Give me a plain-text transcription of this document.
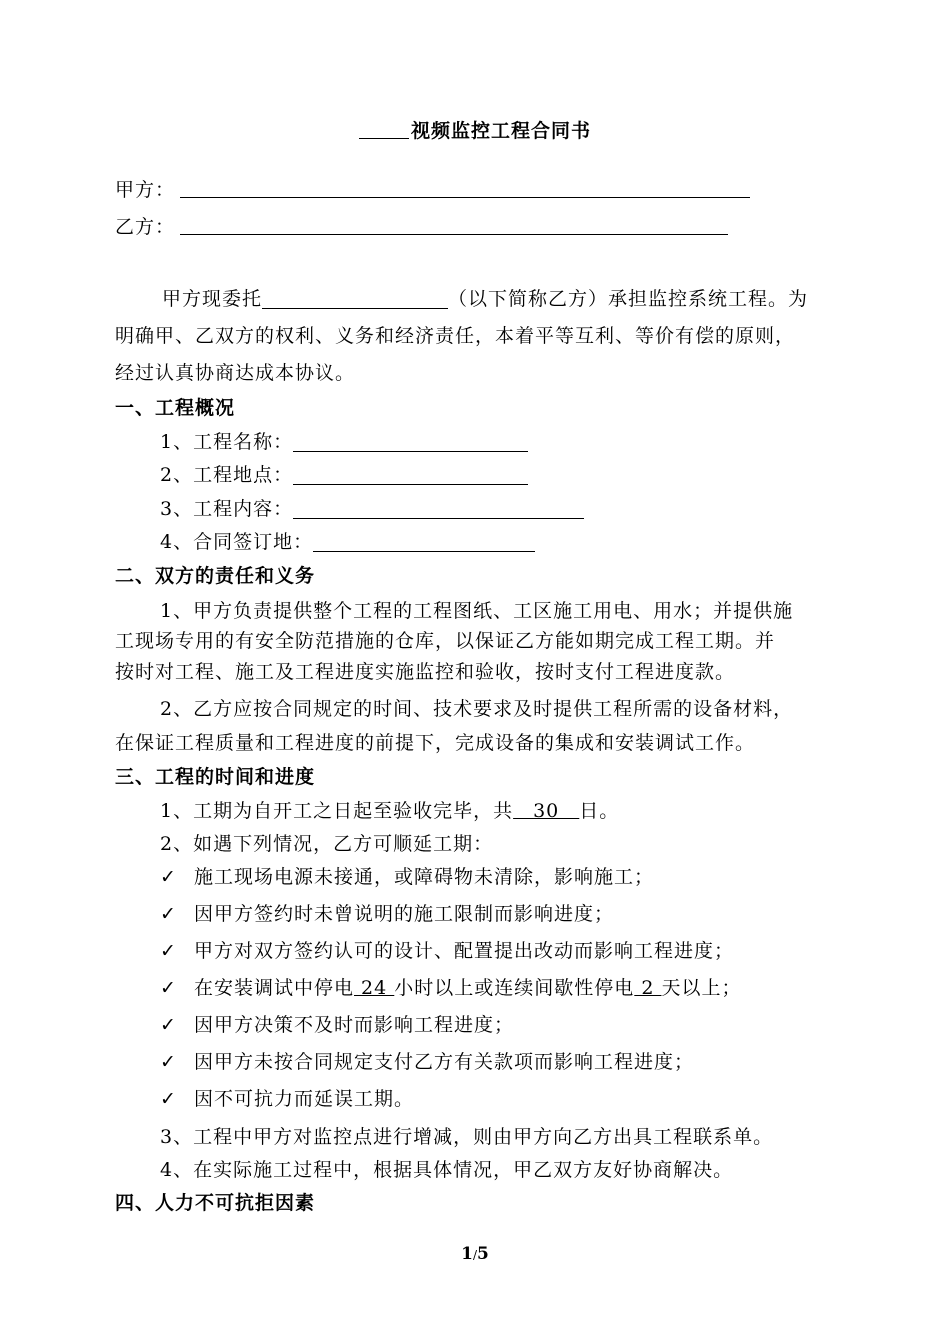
视频监控工程合同书
甲方：
乙方：
甲方现委托	（以下简称乙方）承担监控系统工程。为
明确甲、乙双方的权利、义务和经济责任，本着平等互利、等价有偿的原则，
经过认真协商达成本协议。
一、工程概况
1、工程名称：
2、工程地点：
3、工程内容：
4、合同签订地：
二、双方的责任和义务
1、甲方负责提供整个工程的工程图纸、工区施工用电、用水；并提供施
工现场专用的有安全防范措施的仓库，以保证乙方能如期完成工程工期。并
按时对工程、施工及工程进度实施监控和验收，按时支付工程进度款。
2、乙方应按合同规定的时间、技术要求及时提供工程所需的设备材料，
在保证工程质量和工程进度的前提下，完成设备的集成和安装调试工作。
三、工程的时间和进度
1、工期为自开工之日起至验收完毕，共　30　日。
2、如遇下列情况，乙方可顺延工期：
✓ 施工现场电源未接通，或障碍物未清除，影响施工；
✓ 因甲方签约时未曾说明的施工限制而影响进度；
✓ 甲方对双方签约认可的设计、配置提出改动而影响工程进度；
✓ 在安装调试中停电 24 小时以上或连续间歇性停电 2 天以上；
✓ 因甲方决策不及时而影响工程进度；
✓ 因甲方未按合同规定支付乙方有关款项而影响工程进度；
✓ 因不可抗力而延误工期。
3、工程中甲方对监控点进行增减，则由甲方向乙方出具工程联系单。
4、在实际施工过程中，根据具体情况，甲乙双方友好协商解决。
四、人力不可抗拒因素
1/5
